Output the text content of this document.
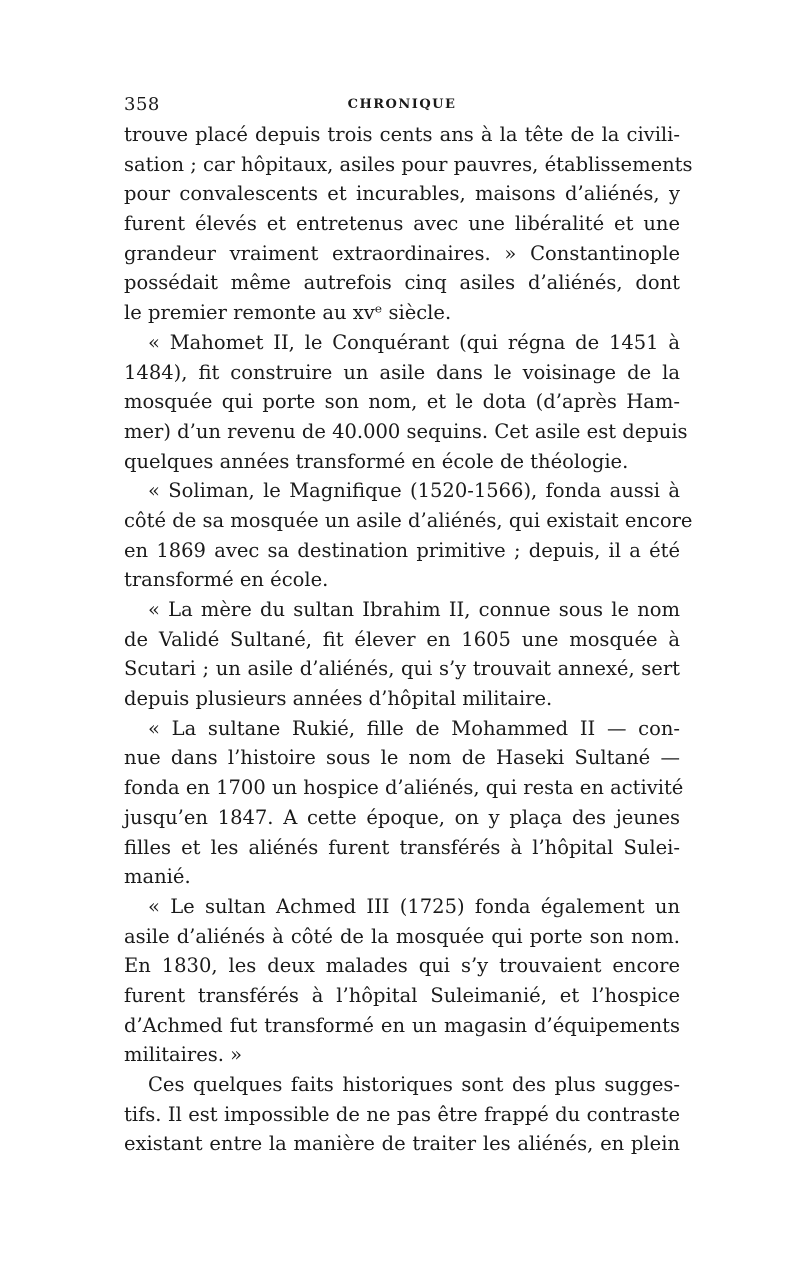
358	CHRONIQUE
trouve placé depuis trois cents ans à la tête de la civili-
sation ; car hôpitaux, asiles pour pauvres, établissements
pour convalescents et incurables, maisons d’aliénés, y
furent élevés et entretenus avec une libéralité et une
grandeur vraiment extraordinaires. » Constantinople
possédait même autrefois cinq asiles d’aliénés, dont
le premier remonte au xvᵉ siècle.
« Mahomet II, le Conquérant (qui régna de 1451 à
1484), fit construire un asile dans le voisinage de la
mosquée qui porte son nom, et le dota (d’après Ham-
mer) d’un revenu de 40.000 sequins. Cet asile est depuis
quelques années transformé en école de théologie.
« Soliman, le Magnifique (1520-1566), fonda aussi à
côté de sa mosquée un asile d’aliénés, qui existait encore
en 1869 avec sa destination primitive ; depuis, il a été
transformé en école.
« La mère du sultan Ibrahim II, connue sous le nom
de Validé Sultané, fit élever en 1605 une mosquée à
Scutari ; un asile d’aliénés, qui s’y trouvait annexé, sert
depuis plusieurs années d’hôpital militaire.
« La sultane Rukié, fille de Mohammed II — con-
nue dans l’histoire sous le nom de Haseki Sultané —
fonda en 1700 un hospice d’aliénés, qui resta en activité
jusqu’en 1847. A cette époque, on y plaça des jeunes
filles et les aliénés furent transférés à l’hôpital Sulei-
manié.
« Le sultan Achmed III (1725) fonda également un
asile d’aliénés à côté de la mosquée qui porte son nom.
En 1830, les deux malades qui s’y trouvaient encore
furent transférés à l’hôpital Suleimanié, et l’hospice
d’Achmed fut transformé en un magasin d’équipements
militaires. »
Ces quelques faits historiques sont des plus sugges-
tifs. Il est impossible de ne pas être frappé du contraste
existant entre la manière de traiter les aliénés, en plein
